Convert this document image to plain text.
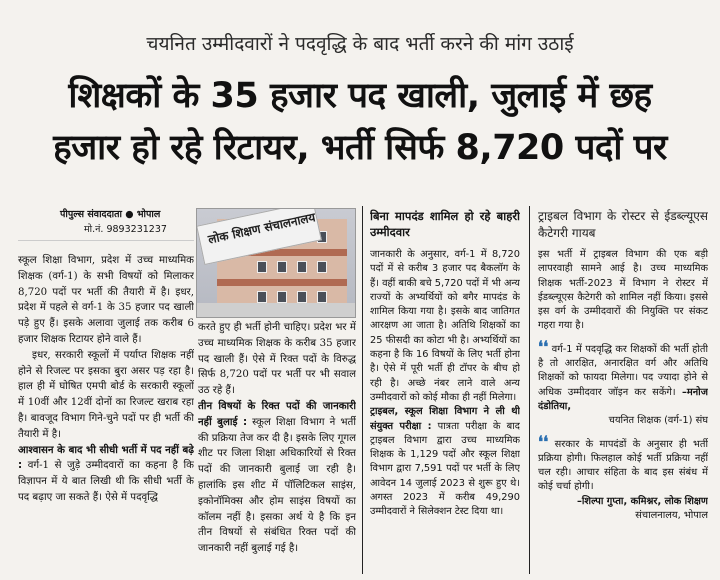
चयनित उम्मीदवारों ने पदवृद्धि के बाद भर्ती करने की मांग उठाई
शिक्षकों के 35 हजार पद खाली, जुलाई में छह
हजार हो रहे रिटायर, भर्ती सिर्फ 8,720 पदों पर
पीपुल्स संवाददाता ● भोपाल
मो.नं. 9893231237

स्कूल शिक्षा विभाग, प्रदेश में उच्च माध्यमिक शिक्षक (वर्ग-1) के सभी विषयों को मिलाकर 8,720 पदों पर भर्ती की तैयारी में है। इधर, प्रदेश में पहले से वर्ग-1 के 35 हजार पद खाली पड़े हुए हैं। इसके अलावा जुलाई तक करीब 6 हजार शिक्षक रिटायर होने वाले हैं।

इधर, सरकारी स्कूलों में पर्याप्त शिक्षक नहीं होने से रिजल्ट पर इसका बुरा असर पड़ रहा है। हाल ही में घोषित एमपी बोर्ड के सरकारी स्कूलों में 10वीं और 12वीं दोनों का रिजल्ट खराब रहा है। बावजूद विभाग गिने-चुने पदों पर ही भर्ती की तैयारी में है।

आश्वासन के बाद भी सीधी भर्ती में पद नहीं बढ़े : वर्ग-1 से जुड़े उम्मीदवारों का कहना है कि विज्ञापन में ये बात लिखी थी कि सीधी भर्ती के पद बढ़ाए जा सकते हैं। ऐसे में पदवृद्धि

लोक शिक्षण संचालनालय

करते हुए ही भर्ती होनी चाहिए। प्रदेश भर में उच्च माध्यमिक शिक्षक के करीब 35 हजार पद खाली हैं। ऐसे में रिक्त पदों के विरुद्ध सिर्फ 8,720 पदों पर भर्ती पर भी सवाल उठ रहे हैं।

तीन विषयों के रिक्त पदों की जानकारी नहीं बुलाई : स्कूल शिक्षा विभाग ने भर्ती की प्रक्रिया तेज कर दी है। इसके लिए गूगल शीट पर जिला शिक्षा अधिकारियों से रिक्त पदों की जानकारी बुलाई जा रही है। हालांकि इस शीट में पॉलिटिकल साइंस, इकोनॉमिक्स और होम साइंस विषयों का कॉलम नहीं है। इसका अर्थ ये है कि इन तीन विषयों से संबंधित रिक्त पदों की जानकारी नहीं बुलाई गई है।

बिना मापदंड शामिल हो रहे बाहरी उम्मीदवार

जानकारी के अनुसार, वर्ग-1 में 8,720 पदों में से करीब 3 हजार पद बैकलॉग के हैं। वहीं बाकी बचे 5,720 पदों में भी अन्य राज्यों के अभ्यर्थियों को बगैर मापदंड के शामिल किया गया है। इसके बाद जातिगत आरक्षण आ जाता है। अतिथि शिक्षकों का 25 फीसदी का कोटा भी है। अभ्यर्थियों का कहना है कि 16 विषयों के लिए भर्ती होना है। ऐसे में पूरी भर्ती ही टॉपर के बीच हो रही है। अच्छे नंबर लाने वाले अन्य उम्मीदवारों को कोई मौका ही नहीं मिलेगा।

ट्राइबल, स्कूल शिक्षा विभाग ने ली थी संयुक्त परीक्षा : पात्रता परीक्षा के बाद ट्राइबल विभाग द्वारा उच्च माध्यमिक शिक्षक के 1,129 पदों और स्कूल शिक्षा विभाग द्वारा 7,591 पदों पर भर्ती के लिए आवेदन 14 जुलाई 2023 से शुरू हुए थे। अगस्त 2023 में करीब 49,290 उम्मीदवारों ने सिलेक्शन टेस्ट दिया था।

ट्राइबल विभाग के रोस्टर से ईडब्ल्यूएस कैटेगरी गायब

इस भर्ती में ट्राइबल विभाग की एक बड़ी लापरवाही सामने आई है। उच्च माध्यमिक शिक्षक भर्ती-2023 में विभाग ने रोस्टर में ईडब्ल्यूएस कैटेगरी को शामिल नहीं किया। इससे इस वर्ग के उम्मीदवारों की नियुक्ति पर संकट गहरा गया है।

❛❛ वर्ग-1 में पदवृद्धि कर शिक्षकों की भर्ती होती है तो आरक्षित, अनारक्षित वर्ग और अतिथि शिक्षकों को फायदा मिलेगा। पद ज्यादा होने से अधिक उम्मीदवार जॉइन कर सकेंगे। –मनोज दंडोतिया,

चयनित शिक्षक (वर्ग-1) संघ

❛❛ सरकार के मापदंडों के अनुसार ही भर्ती प्रक्रिया होगी। फिलहाल कोई भर्ती प्रक्रिया नहीं चल रही। आचार संहिता के बाद इस संबंध में कोई चर्चा होगी।

–शिल्पा गुप्ता, कमिश्नर, लोक शिक्षण

संचालनालय, भोपाल
